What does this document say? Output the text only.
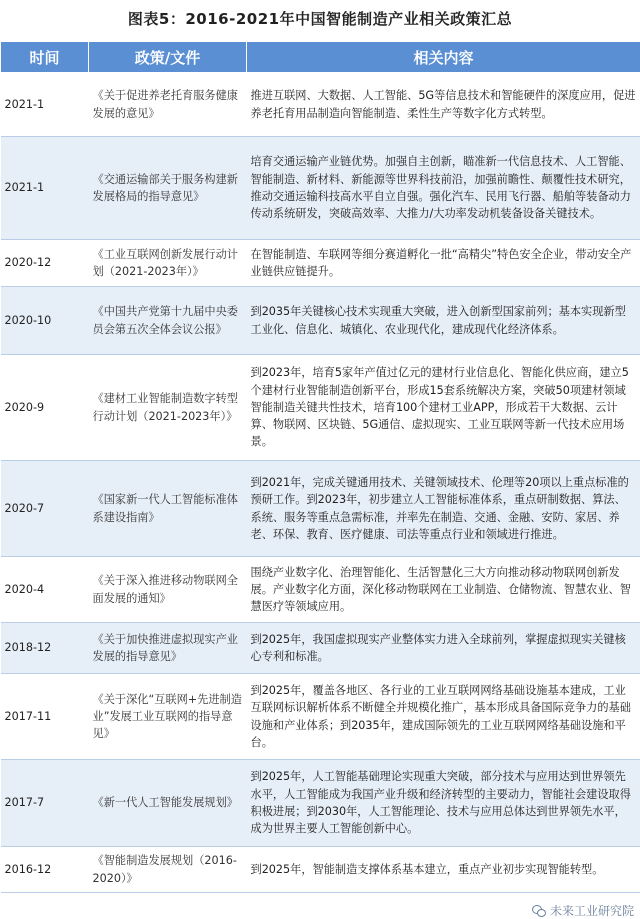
图表5：2016-2021年中国智能制造产业相关政策汇总
时间	政策/文件	相关内容
2021-1	《关于促进养老托育服务健康发展的意见》	推进互联网、大数据、人工智能、5G等信息技术和智能硬件的深度应用，促进养老托育用品制造向智能制造、柔性生产等数字化方式转型。
2021-1	《交通运输部关于服务构建新发展格局的指导意见》	培育交通运输产业链优势。加强自主创新，瞄准新一代信息技术、人工智能、智能制造、新材料、新能源等世界科技前沿，加强前瞻性、颠覆性技术研究，推动交通运输科技高水平自立自强。强化汽车、民用飞行器、船舶等装备动力传动系统研发，突破高效率、大推力/大功率发动机装备设备关键技术。
2020-12	《工业互联网创新发展行动计划（2021-2023年）》	在智能制造、车联网等细分赛道孵化一批“高精尖”特色安全企业，带动安全产业链供应链提升。
2020-10	《中国共产党第十九届中央委员会第五次全体会议公报》	到2035年关键核心技术实现重大突破，进入创新型国家前列；基本实现新型工业化、信息化、城镇化、农业现代化，建成现代化经济体系。
2020-9	《建材工业智能制造数字转型行动计划（2021-2023年）》	到2023年，培育5家年产值过亿元的建材行业信息化、智能化供应商，建立5个建材行业智能制造创新平台，形成15套系统解决方案，突破50项建材领域智能制造关键共性技术，培育100个建材工业APP，形成若干大数据、云计算、物联网、区块链、5G通信、虚拟现实、工业互联网等新一代技术应用场景。
2020-7	《国家新一代人工智能标准体系建设指南》	到2021年，完成关键通用技术、关键领域技术、伦理等20项以上重点标准的预研工作。到2023年，初步建立人工智能标准体系，重点研制数据、算法、系统、服务等重点急需标准，并率先在制造、交通、金融、安防、家居、养老、环保、教育、医疗健康、司法等重点行业和领域进行推进。
2020-4	《关于深入推进移动物联网全面发展的通知》	围绕产业数字化、治理智能化、生活智慧化三大方向推动移动物联网创新发展。产业数字化方面，深化移动物联网在工业制造、仓储物流、智慧农业、智慧医疗等领域应用。
2018-12	《关于加快推进虚拟现实产业发展的指导意见》	到2025年，我国虚拟现实产业整体实力进入全球前列，掌握虚拟现实关键核心专利和标准。
2017-11	《关于深化“互联网+先进制造业”发展工业互联网的指导意见》	到2025年，覆盖各地区、各行业的工业互联网网络基础设施基本建成，工业互联网标识解析体系不断健全并规模化推广，基本形成具备国际竞争力的基础设施和产业体系；到2035年，建成国际领先的工业互联网网络基础设施和平台。
2017-7	《新一代人工智能发展规划》	到2025年，人工智能基础理论实现重大突破，部分技术与应用达到世界领先水平，人工智能成为我国产业升级和经济转型的主要动力，智能社会建设取得积极进展；到2030年，人工智能理论、技术与应用总体达到世界领先水平，成为世界主要人工智能创新中心。
2016-12	《智能制造发展规划（2016-2020）》	到2025年，智能制造支撑体系基本建立，重点产业初步实现智能转型。
未来工业研究院
